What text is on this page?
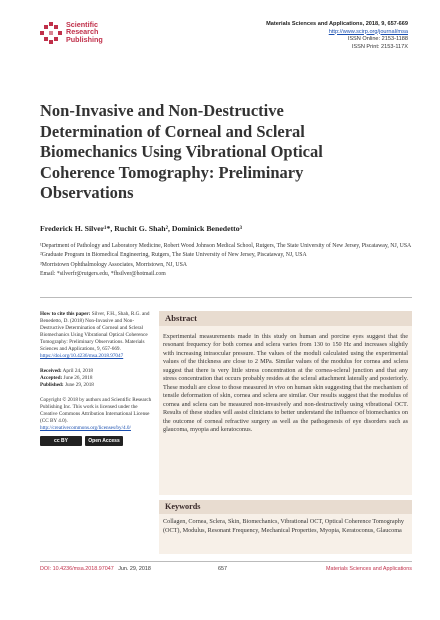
Scientific
Research
Publishing
Materials Sciences and Applications, 2018, 9, 657-669
http://www.scirp.org/journal/msa
ISSN Online: 2153-1188
ISSN Print: 2153-117X
Non-Invasive and Non-Destructive Determination of Corneal and Scleral Biomechanics Using Vibrational Optical Coherence Tomography: Preliminary Observations
Frederick H. Silver¹*, Ruchit G. Shah², Dominick Benedetto³
¹Department of Pathology and Laboratory Medicine, Robert Wood Johnson Medical School, Rutgers, The State University of New Jersey, Piscataway, NJ, USA
²Graduate Program in Biomedical Engineering, Rutgers, The State University of New Jersey, Piscataway, NJ, USA
³Morristown Ophthalmology Associates, Morristown, NJ, USA
Email: *silverfr@rutgers.edu, *fhsilver@hotmail.com
How to cite this paper: Silver, F.H., Shah, R.G. and Benedetto, D. (2018) Non-Invasive and Non-Destructive Determination of Corneal and Scleral Biomechanics Using Vibrational Optical Coherence Tomography: Preliminary Observations. Materials Sciences and Applications, 9, 657-669. https://doi.org/10.4236/msa.2018.97047
Received: April 24, 2018
Accepted: June 26, 2018
Published: June 29, 2018
Copyright © 2018 by authors and Scientific Research Publishing Inc. This work is licensed under the Creative Commons Attribution International License (CC BY 4.0).
http://creativecommons.org/licenses/by/4.0/
cc BY	Open Access
Abstract
Experimental measurements made in this study on human and porcine eyes suggest that the resonant frequency for both cornea and sclera varies from 130 to 150 Hz and increases slightly with increasing intraocular pressure. The values of the moduli calculated using the experimental values of the thickness are close to 2 MPa. Similar values of the modulus for cornea and sclera suggest that there is very little stress concentration at the cornea-scleral junction and that any stress concentration that occurs probably resides at the scleral attachment laterally and posteriorly. These moduli are close to those measured in vivo on human skin suggesting that the mechanism of tensile deformation of skin, cornea and sclera are similar. Our results suggest that the modulus of cornea and sclera can be measured non-invasively and non-destructively using vibrational OCT. Results of these studies will assist clinicians to better understand the influence of biomechanics on the outcome of corneal refractive surgery as well as the pathogenesis of eye disorders such as glaucoma, myopia and keratoconus.
Keywords
Collagen, Cornea, Sclera, Skin, Biomechanics, Vibrational OCT, Optical Coherence Tomography (OCT), Modulus, Resonant Frequency, Mechanical Properties, Myopia, Keratoconus, Glaucoma
DOI: 10.4236/msa.2018.97047 Jun. 29, 2018	657	Materials Sciences and Applications
